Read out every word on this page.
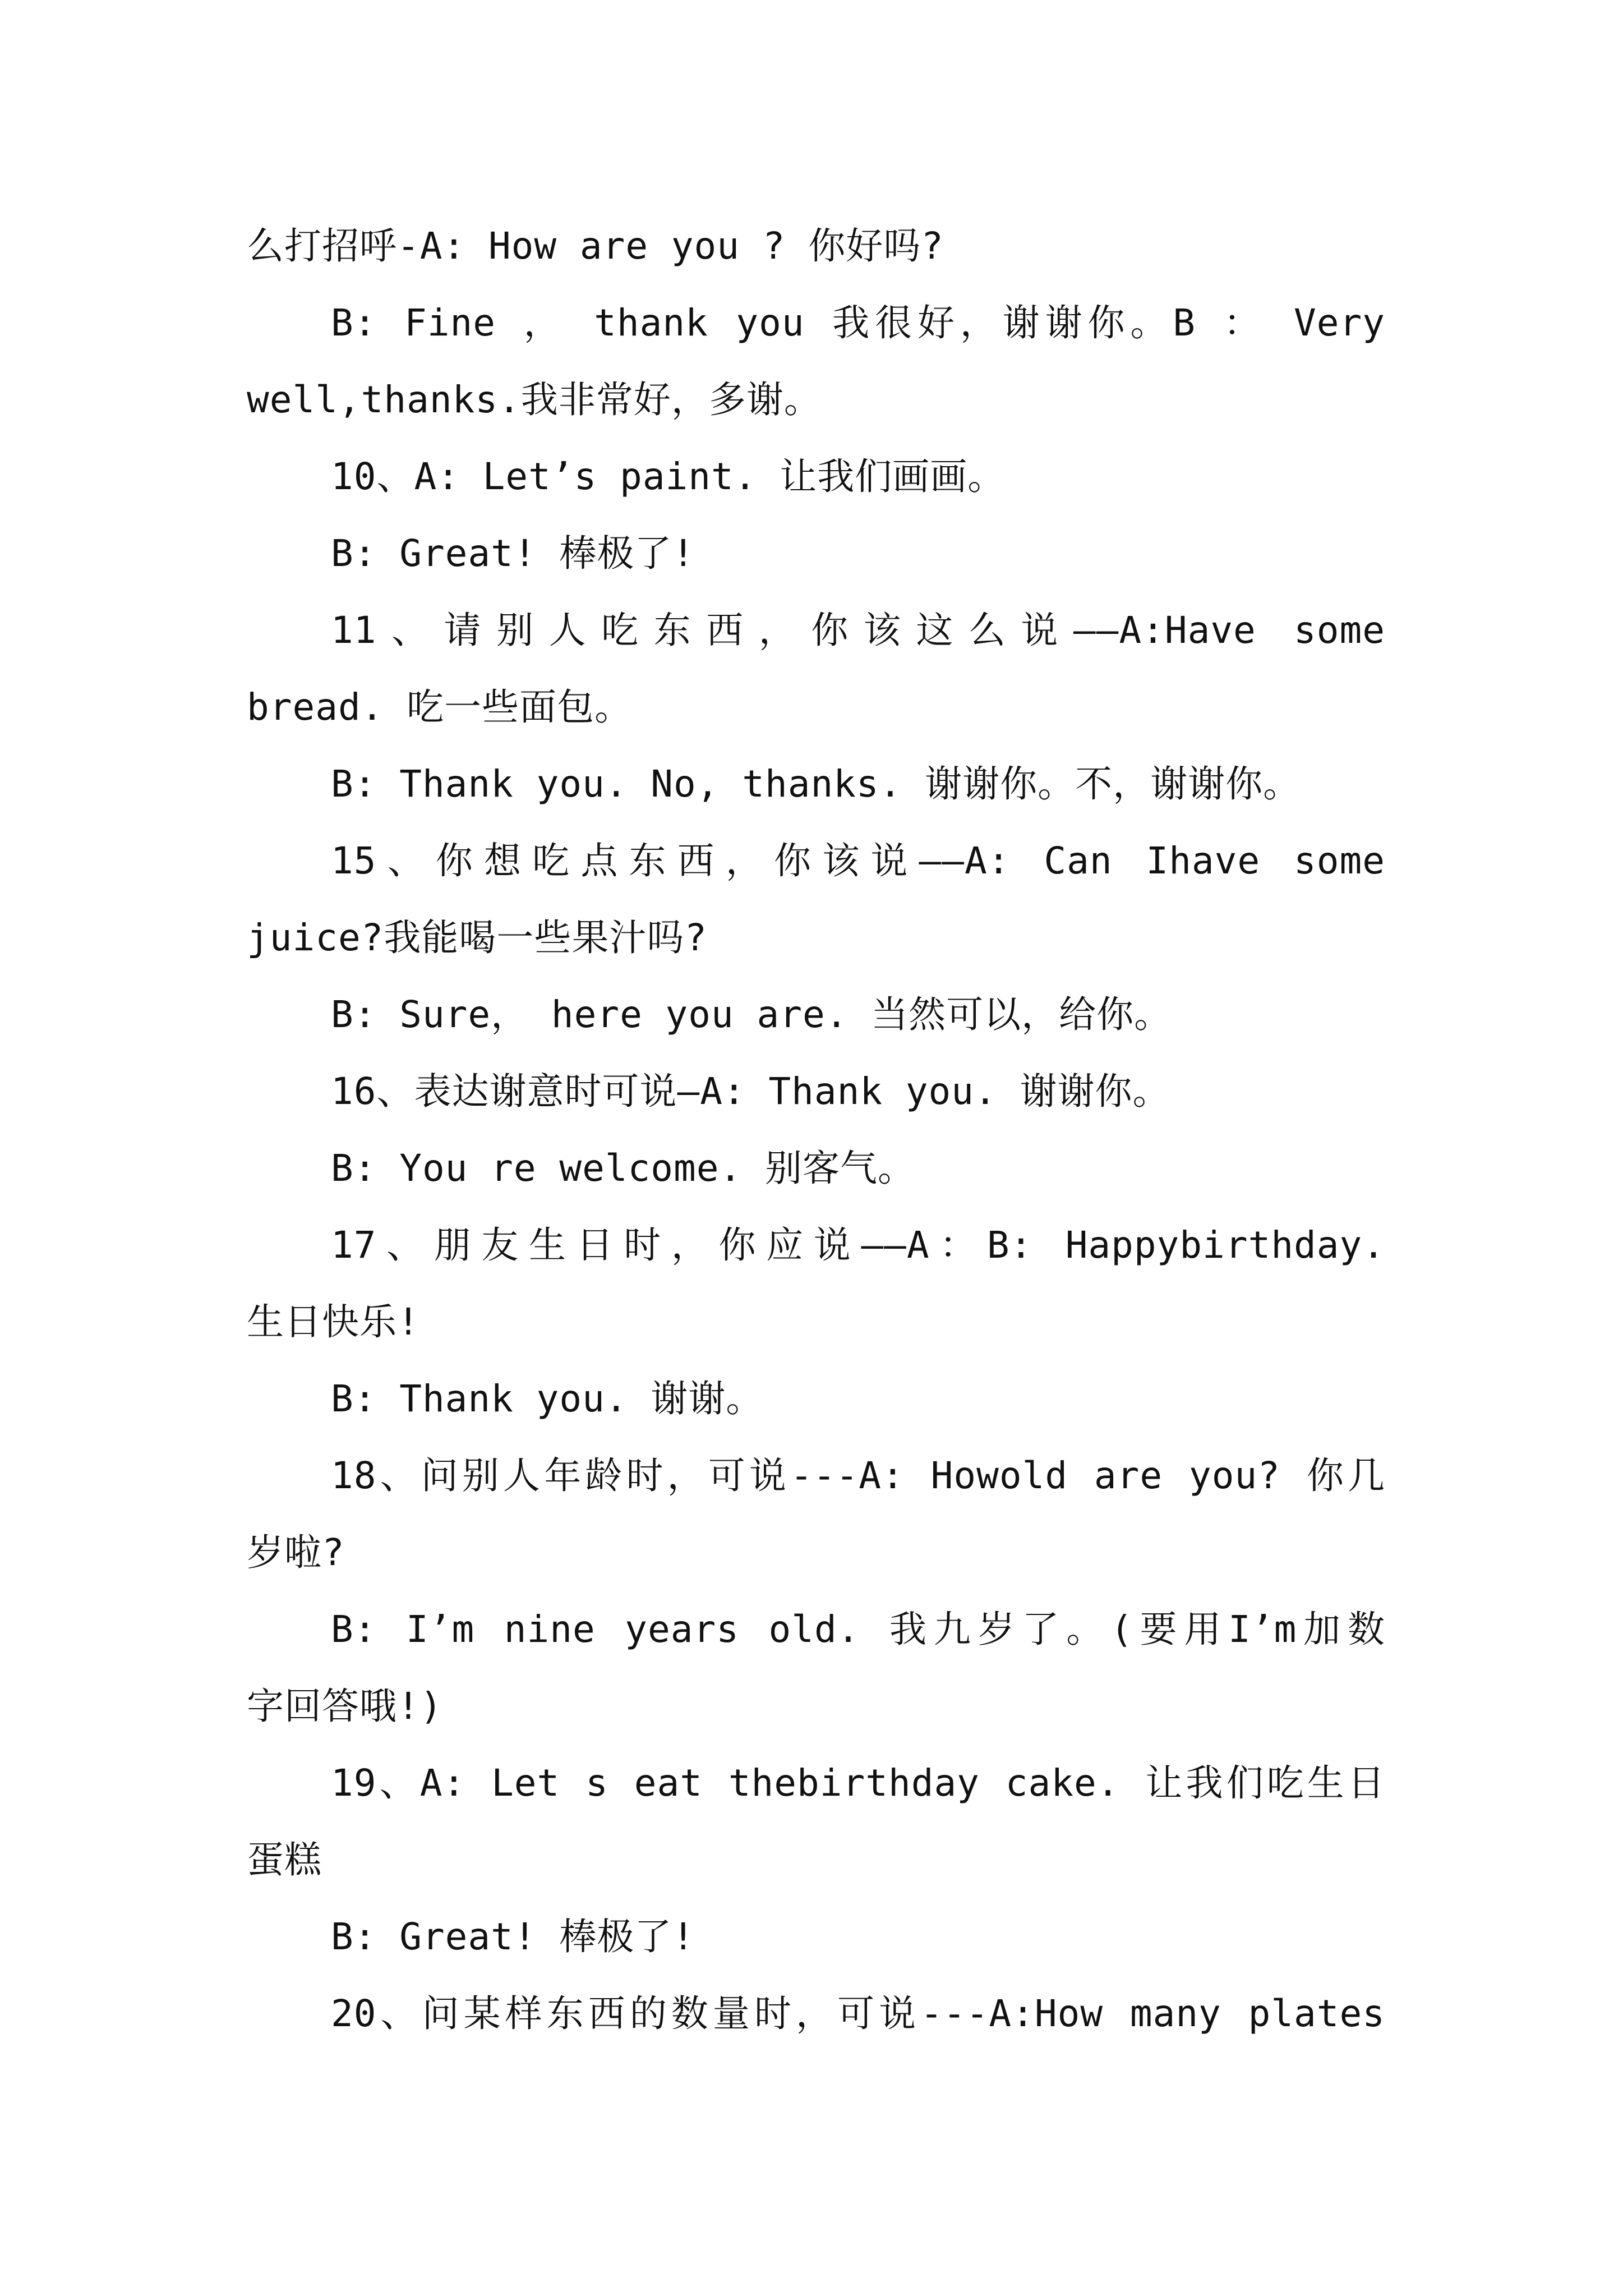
么打招呼-A: How are you ? 你好吗?
B: Fine ， thank you 我很好，谢谢你。B ： Very
well,thanks.我非常好，多谢。
10、A: Let’s paint. 让我们画画。
B: Great! 棒极了!
11、请别人吃东西，你该这么说——A:Have some
bread. 吃一些面包。
B: Thank you. No, thanks. 谢谢你。不，谢谢你。
15、你想吃点东西，你该说——A: Can Ihave some
juice?我能喝一些果汁吗?
B: Sure， here you are. 当然可以，给你。
16、表达谢意时可说—A: Thank you. 谢谢你。
B: You re welcome. 别客气。
17、朋友生日时，你应说——A：B: Happybirthday.
生日快乐!
B: Thank you. 谢谢。
18、问别人年龄时，可说---A: Howold are you? 你几
岁啦?
B: I’m nine years old. 我九岁了。(要用I’m加数
字回答哦!)
19、A: Let s eat thebirthday cake. 让我们吃生日
蛋糕
B: Great! 棒极了!
20、问某样东西的数量时，可说---A:How many plates
